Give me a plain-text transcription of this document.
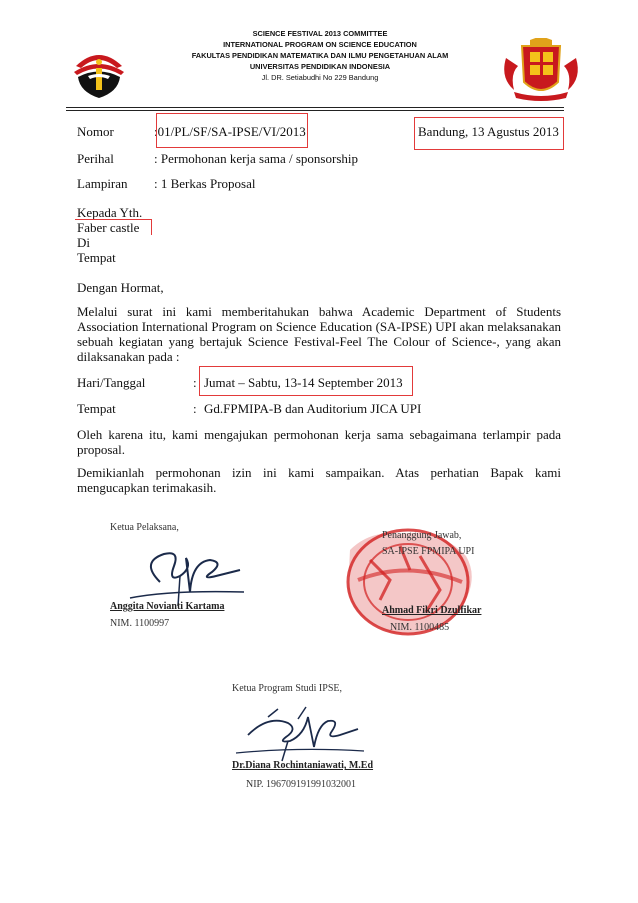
SCIENCE FESTIVAL 2013 COMMITTEE
INTERNATIONAL PROGRAM ON SCIENCE EDUCATION
FAKULTAS PENDIDIKAN MATEMATIKA DAN ILMU PENGETAHUAN ALAM
UNIVERSITAS PENDIDIKAN INDONESIA
Jl. DR. Setiabudhi No 229 Bandung
Nomor	:01/PL/SF/SA-IPSE/VI/2013	Bandung, 13 Agustus 2013
Perihal	: Permohonan kerja sama / sponsorship
Lampiran : 1 Berkas Proposal
Kepada Yth.
Faber castle
Di
Tempat
Dengan Hormat,
Melalui surat ini kami memberitahukan bahwa Academic Department of Students Association International Program on Science Education (SA-IPSE) UPI akan melaksanakan sebuah kegiatan yang bertajuk Science Festival-Feel The Colour of Science-, yang akan dilaksanakan pada :
Hari/Tanggal	: Jumat – Sabtu, 13-14 September 2013
Tempat	: Gd.FPMIPA-B dan Auditorium JICA UPI
Oleh karena itu, kami mengajukan permohonan kerja sama sebagaimana terlampir pada proposal.
Demikianlah permohonan izin ini kami sampaikan. Atas perhatian Bapak kami mengucapkan terimakasih.
Ketua Pelaksana,
Anggita Novianti Kartama
NIM. 1100997
Penanggung Jawab,
SA-IPSE FPMIPA UPI
Ahmad Fikri Dzulfikar
NIM. 1100485
Ketua Program Studi IPSE,
Dr.Diana Rochintaniawati, M.Ed
NIP. 196709191991032001
